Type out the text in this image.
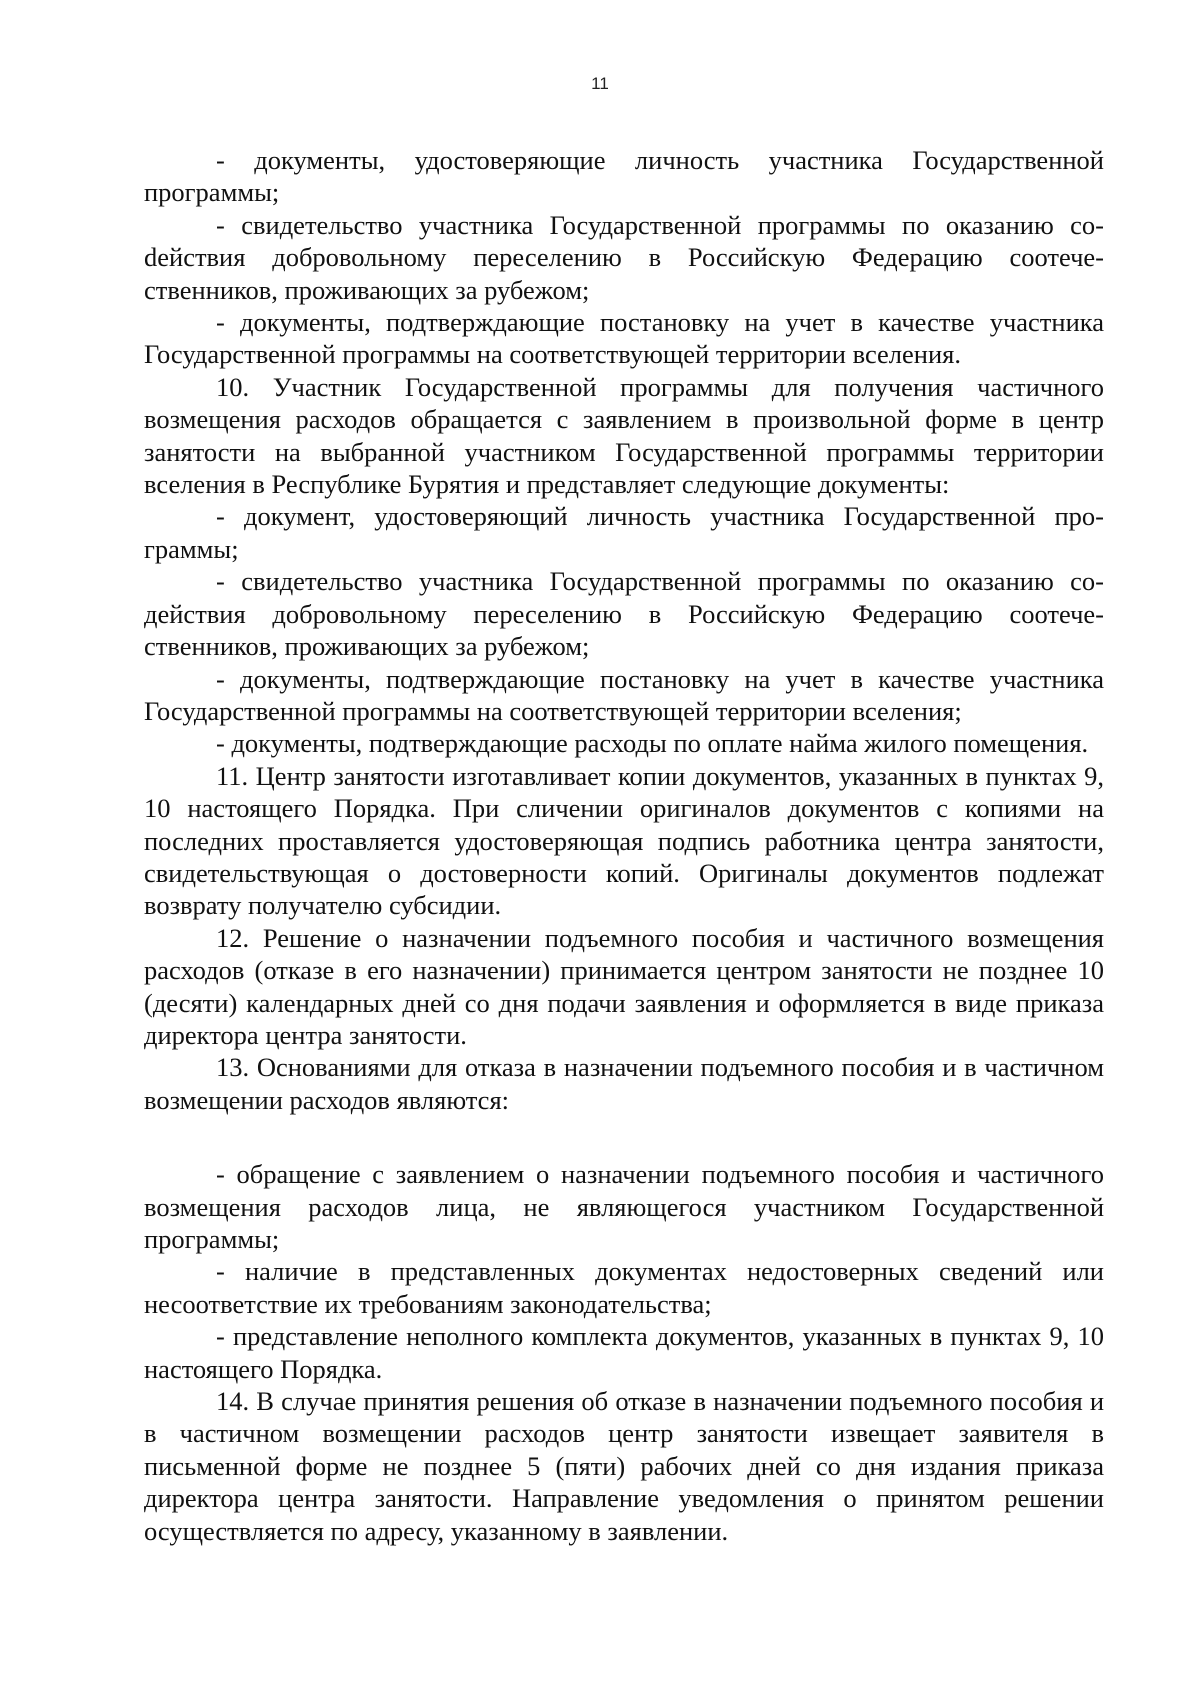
11

- документы, удостоверяющие личность участника Государственной программы;

- свидетельство участника Государственной программы по оказанию соdействия добровольному переселению в Российскую Федерацию соотечественников, проживающих за рубежом;

- документы, подтверждающие постановку на учет в качестве участника Государственной программы на соответствующей территории вселения.

10. Участник Государственной программы для получения частичного возмещения расходов обращается с заявлением в произвольной форме в центр занятости на выбранной участником Государственной программы территории вселения в Республике Бурятия и представляет следующие документы:

- документ, удостоверяющий личность участника Государственной программы;

- свидетельство участника Государственной программы по оказанию содействия добровольному переселению в Российскую Федерацию соотечественников, проживающих за рубежом;

- документы, подтверждающие постановку на учет в качестве участника Государственной программы на соответствующей территории вселения;

- документы, подтверждающие расходы по оплате найма жилого помещения.

11. Центр занятости изготавливает копии документов, указанных в пунктах 9, 10 настоящего Порядка. При сличении оригиналов документов с копиями на последних проставляется удостоверяющая подпись работника центра занятости, свидетельствующая о достоверности копий. Оригиналы документов подлежат возврату получателю субсидии.

12. Решение о назначении подъемного пособия и частичного возмещения расходов (отказе в его назначении) принимается центром занятости не позднее 10 (десяти) календарных дней со дня подачи заявления и оформляется в виде приказа директора центра занятости.

13. Основаниями для отказа в назначении подъемного пособия и в частичном возмещении расходов являются:

- обращение с заявлением о назначении подъемного пособия и частичного возмещения расходов лица, не являющегося участником Государственной программы;

- наличие в представленных документах недостоверных сведений или несоответствие их требованиям законодательства;

- представление неполного комплекта документов, указанных в пунктах 9, 10 настоящего Порядка.

14. В случае принятия решения об отказе в назначении подъемного пособия и в частичном возмещении расходов центр занятости извещает заявителя в письменной форме не позднее 5 (пяти) рабочих дней со дня издания приказа директора центра занятости. Направление уведомления о принятом решении осуществляется по адресу, указанному в заявлении.
